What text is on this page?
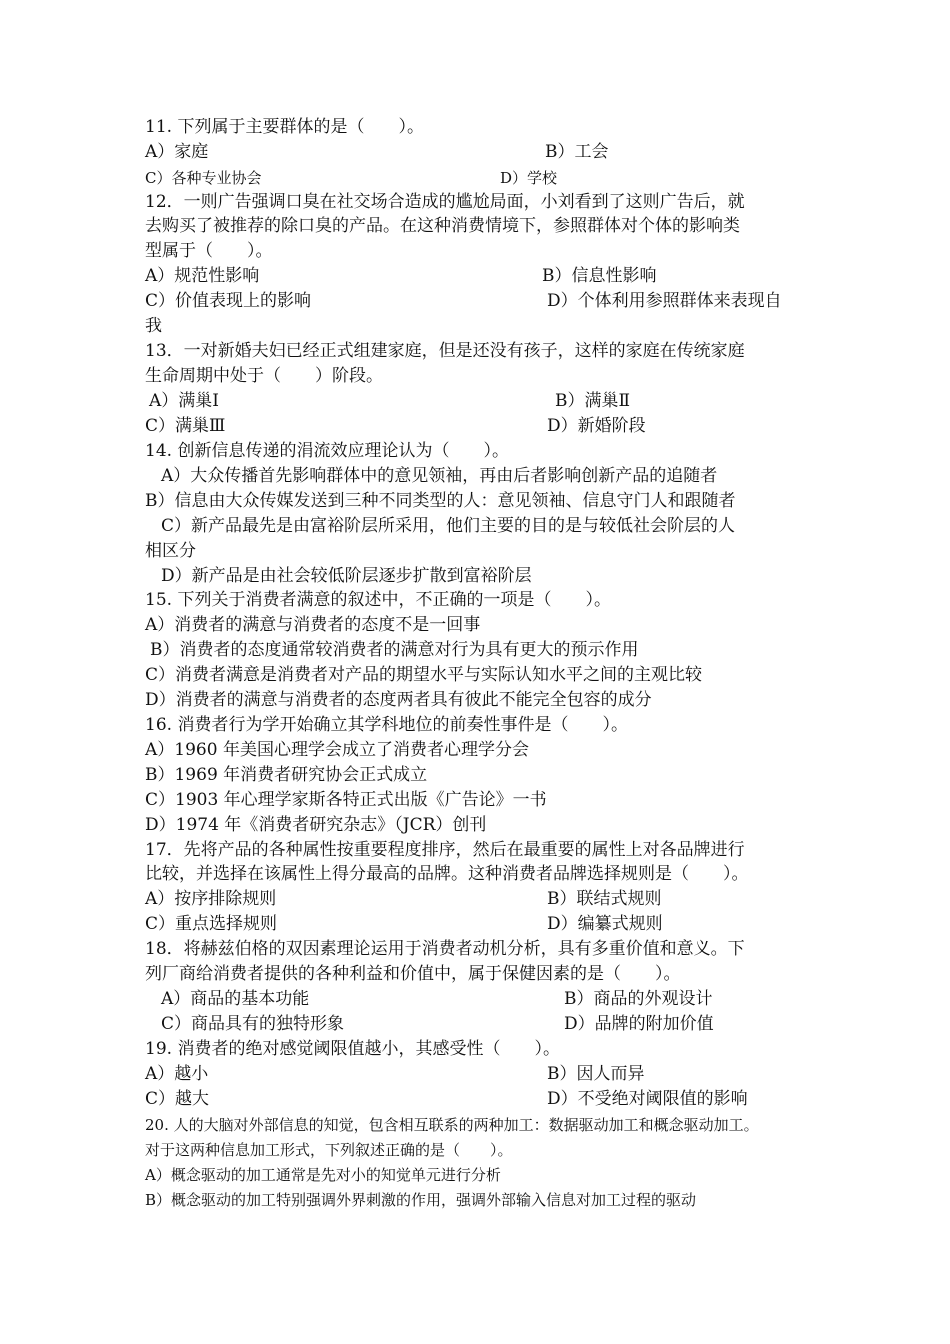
11. 下列属于主要群体的是（　　）。
A）家庭	B）工会
C）各种专业协会	D）学校
12．一则广告强调口臭在社交场合造成的尴尬局面，小刘看到了这则广告后，就
去购买了被推荐的除口臭的产品。在这种消费情境下，参照群体对个体的影响类
型属于（　　）。
A）规范性影响	B）信息性影响
C）价值表现上的影响	D）个体利用参照群体来表现自
我
13．一对新婚夫妇已经正式组建家庭，但是还没有孩子，这样的家庭在传统家庭
生命周期中处于（　　）阶段。
A）满巢Ⅰ	B）满巢Ⅱ
C）满巢Ⅲ	D）新婚阶段
14. 创新信息传递的涓流效应理论认为（　　）。
A）大众传播首先影响群体中的意见领袖，再由后者影响创新产品的追随者
B）信息由大众传媒发送到三种不同类型的人：意见领袖、信息守门人和跟随者
C）新产品最先是由富裕阶层所采用，他们主要的目的是与较低社会阶层的人
相区分
D）新产品是由社会较低阶层逐步扩散到富裕阶层
15. 下列关于消费者满意的叙述中，不正确的一项是（　　）。
A）消费者的满意与消费者的态度不是一回事
B）消费者的态度通常较消费者的满意对行为具有更大的预示作用
C）消费者满意是消费者对产品的期望水平与实际认知水平之间的主观比较
D）消费者的满意与消费者的态度两者具有彼此不能完全包容的成分
16. 消费者行为学开始确立其学科地位的前奏性事件是（　　）。
A）1960 年美国心理学会成立了消费者心理学分会
B）1969 年消费者研究协会正式成立
C）1903 年心理学家斯各特正式出版《广告论》一书
D）1974 年《消费者研究杂志》（JCR）创刊
17．先将产品的各种属性按重要程度排序，然后在最重要的属性上对各品牌进行
比较，并选择在该属性上得分最高的品牌。这种消费者品牌选择规则是（　　）。
A）按序排除规则	B）联结式规则
C）重点选择规则	D）编纂式规则
18．将赫兹伯格的双因素理论运用于消费者动机分析，具有多重价值和意义。下
列厂商给消费者提供的各种利益和价值中，属于保健因素的是（　　）。
A）商品的基本功能	B）商品的外观设计
C）商品具有的独特形象	D）品牌的附加价值
19. 消费者的绝对感觉阈限值越小，其感受性（　　）。
A）越小	B）因人而异
C）越大	D）不受绝对阈限值的影响
20. 人的大脑对外部信息的知觉，包含相互联系的两种加工：数据驱动加工和概念驱动加工。
对于这两种信息加工形式，下列叙述正确的是（　　）。
A）概念驱动的加工通常是先对小的知觉单元进行分析
B）概念驱动的加工特别强调外界刺激的作用，强调外部输入信息对加工过程的驱动
